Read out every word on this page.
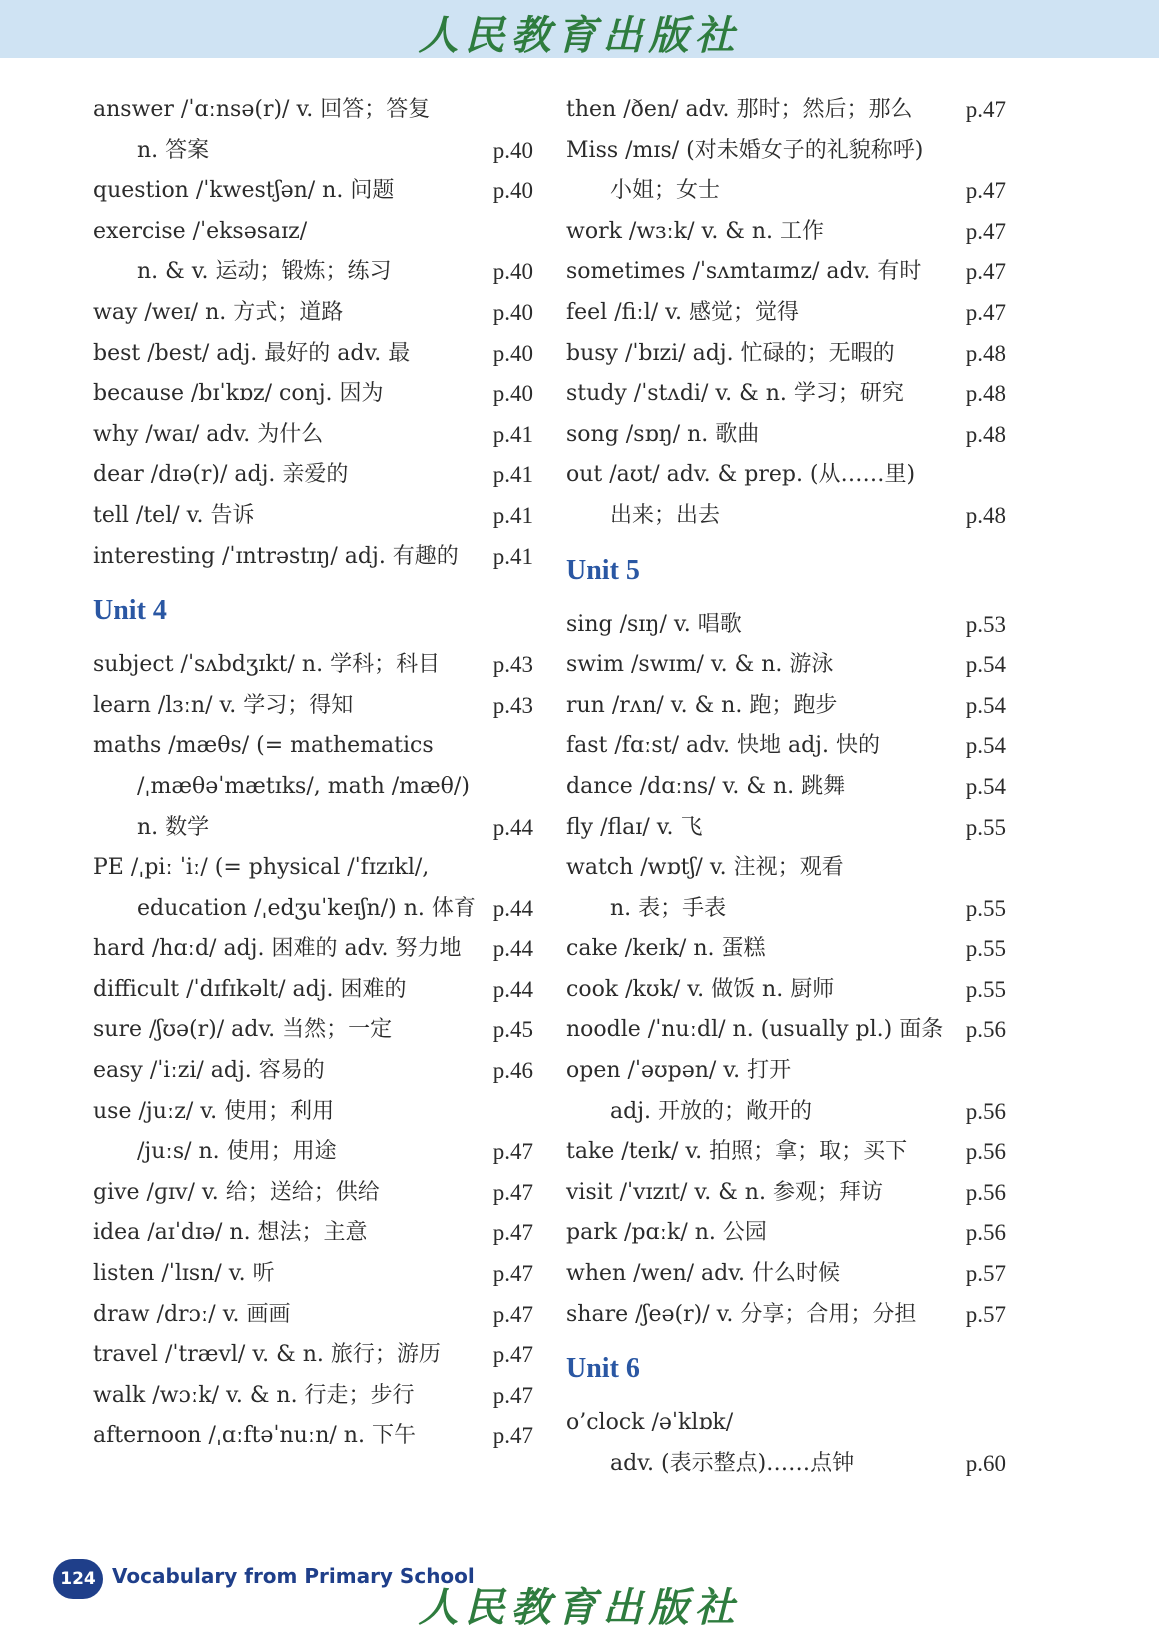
人民教育出版社
answer /ˈɑːnsə(r)/ v. 回答；答复
n. 答案	p.40
question /ˈkwestʃən/ n. 问题	p.40
exercise /ˈeksəsaɪz/
n. & v. 运动；锻炼；练习	p.40
way /weɪ/ n. 方式；道路	p.40
best /best/ adj. 最好的 adv. 最	p.40
because /bɪˈkɒz/ conj. 因为	p.40
why /waɪ/ adv. 为什么	p.41
dear /dɪə(r)/ adj. 亲爱的	p.41
tell /tel/ v. 告诉	p.41
interesting /ˈɪntrəstɪŋ/ adj. 有趣的 p.41
Unit 4
subject /ˈsʌbdʒɪkt/ n. 学科；科目 p.43
learn /lɜːn/ v. 学习；得知	p.43
maths /mæθs/ (= mathematics
/ˌmæθəˈmætɪks/, math /mæθ/)
n. 数学	p.44
PE /ˌpiː ˈiː/ (= physical /ˈfɪzɪkl/,
education /ˌedʒuˈkeɪʃn/) n. 体育 p.44
hard /hɑːd/ adj. 困难的 adv. 努力地 p.44
difficult /ˈdɪfɪkəlt/ adj. 困难的	p.44
sure /ʃʊə(r)/ adv. 当然；一定	p.45
easy /ˈiːzi/ adj. 容易的	p.46
use /juːz/ v. 使用；利用
/juːs/ n. 使用；用途	p.47
give /ɡɪv/ v. 给；送给；供给	p.47
idea /aɪˈdɪə/ n. 想法；主意	p.47
listen /ˈlɪsn/ v. 听	p.47
draw /drɔː/ v. 画画	p.47
travel /ˈtrævl/ v. & n. 旅行；游历 p.47
walk /wɔːk/ v. & n. 行走；步行	p.47
afternoon /ˌɑːftəˈnuːn/ n. 下午	p.47
then /ðen/ adv. 那时；然后；那么 p.47
Miss /mɪs/ (对未婚女子的礼貌称呼)
小姐；女士	p.47
work /wɜːk/ v. & n. 工作	p.47
sometimes /ˈsʌmtaɪmz/ adv. 有时 p.47
feel /fiːl/ v. 感觉；觉得	p.47
busy /ˈbɪzi/ adj. 忙碌的；无暇的	p.48
study /ˈstʌdi/ v. & n. 学习；研究	p.48
song /sɒŋ/ n. 歌曲	p.48
out /aʊt/ adv. & prep. (从……里)
出来；出去	p.48
Unit 5
sing /sɪŋ/ v. 唱歌	p.53
swim /swɪm/ v. & n. 游泳	p.54
run /rʌn/ v. & n. 跑；跑步	p.54
fast /fɑːst/ adv. 快地 adj. 快的	p.54
dance /dɑːns/ v. & n. 跳舞	p.54
fly /flaɪ/ v. 飞	p.55
watch /wɒtʃ/ v. 注视；观看
n. 表；手表	p.55
cake /keɪk/ n. 蛋糕	p.55
cook /kʊk/ v. 做饭 n. 厨师	p.55
noodle /ˈnuːdl/ n. (usually pl.) 面条 p.56
open /ˈəʊpən/ v. 打开
adj. 开放的；敞开的	p.56
take /teɪk/ v. 拍照；拿；取；买下	p.56
visit /ˈvɪzɪt/ v. & n. 参观；拜访	p.56
park /pɑːk/ n. 公园	p.56
when /wen/ adv. 什么时候	p.57
share /ʃeə(r)/ v. 分享；合用；分担 p.57
Unit 6
o’clock /əˈklɒk/
adv. (表示整点)……点钟	p.60
124 Vocabulary from Primary School
人民教育出版社
